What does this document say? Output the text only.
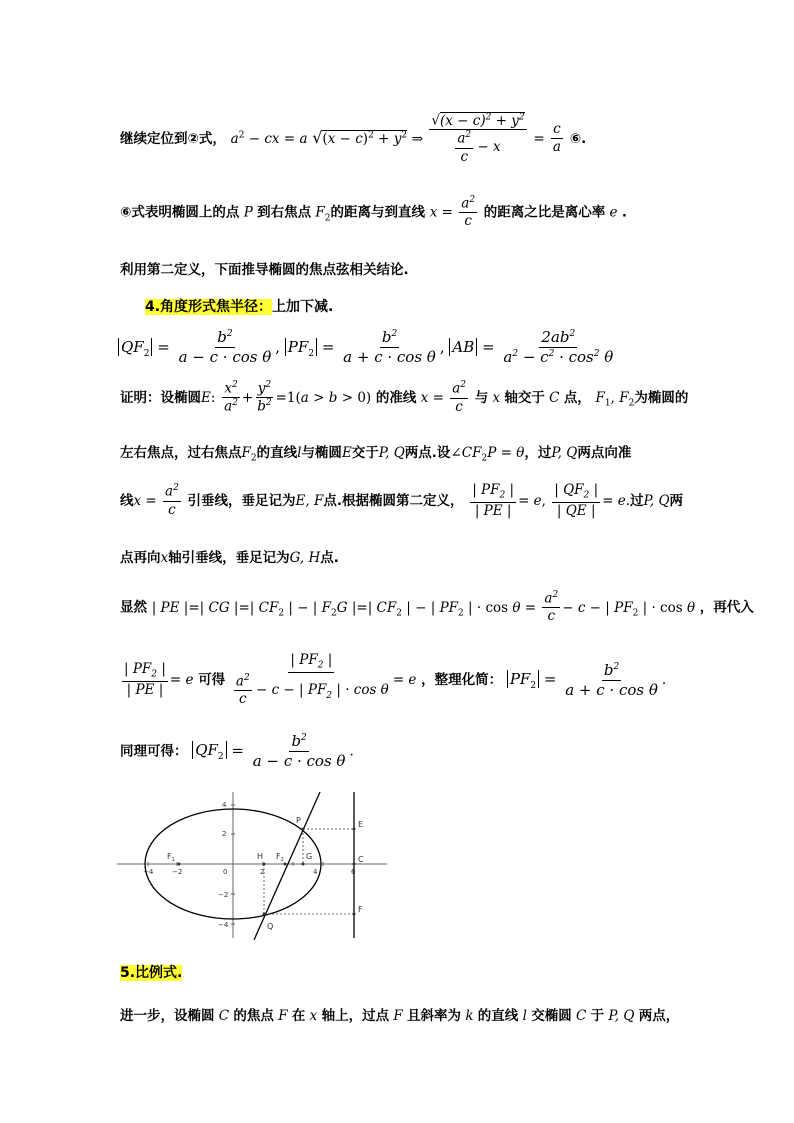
继续定位到②式， $a^2$ − cx = a $√(x - c)^2 + y^2$ ⇒ $\frac{√(x - c)^2 + y^2}{\frac{a^2}{c} - x} = \frac{c}{a}$ ⑥.
⑥式表明椭圆上的点 P 到右焦点 $F_2$的距离与到直线 $x = \frac{a^2}{c}$ 的距离之比是离心率 e .
利用第二定义，下面推导椭圆的焦点弦相关结论.
4.角度形式焦半径：上加下减.
$QF_2 = \frac{b^2}{\text{a − c · cos θ}}$ , $PF_2 = \frac{b^2}{\text{a + c · cos θ}}$ , AB = $\frac{2ab^2}{a^2 - c^2 \cdot \cos^2 \theta}$
证明：设椭圆E: $\frac{x^2}{a^2} + \frac{y^2}{b^2} =1(a > b > 0)$ 的准线 $x = \frac{a^2}{c}$ 与 x 轴交于 C 点， $F_1$, $F_2$为椭圆的
左右焦点，过右焦点$F_2$的直线l与椭圆E交于P, Q两点.设$\angle CF_2P = \theta$，过P, Q两点向准
线$x = \frac{a^2}{c}$ 引垂线，垂足记为E, F点.根据椭圆第二定义， $\frac{| PF_2 |}{| PE |} = e$, $\frac{| QF_2 |}{| QE |} = e$.过P, Q两
点再向x轴引垂线，垂足记为G, H点.
显然 | PE |=| CG |=| $CF_2$ | − | $F_2G$ |=| $CF_2$ | − | $PF_2$ | · $\cos \theta = \frac{a^2}{c} - c$ − | $PF_2$ | · cos θ ，再代入
$\frac{| PF_2 |}{| PE |} = e$ 可得 $\frac{| PF_2 |}{\frac{a^2}{c} - c - | PF_2 | \cdot \cos \theta} = e$ ，整理化简： $PF_2 = \frac{b^2}{\text{a + c · cos θ}}$ .
同理可得： $QF_2 = \frac{b^2}{\text{a − c · cos θ}}$ .
−4	−2	0	2	4	6
4
2
−2
−4
P
Q
E
F
C
H	G
$F_1$	$F_2$
5.比例式.
进一步，设椭圆 C 的焦点 F 在 x 轴上，过点 F 且斜率为 k 的直线 l 交椭圆 C 于 P, Q 两点，
